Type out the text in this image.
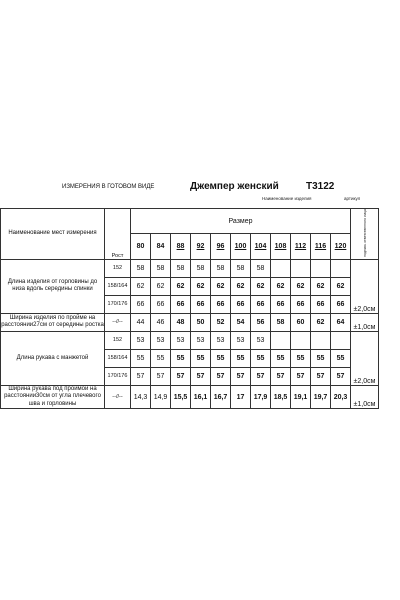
ИЗМЕРЕНИЯ В ГОТОВОМ ВИДЕ	Джемпер женский	Т3122
Наименование изделия	артикул
Наименование мест измерения	Рост	Размер											подпись ответственного лица
		80	84	88	92	96	100	104	108	112	116	120	
Длина изделия от горловины до низа вдоль середины спинки	152	58	58	58	58	58	58	58					±2,0см
	158/164	62	62	62	62	62	62	62	62	62	62	62	
	170/176	66	66	66	66	66	66	66	66	66	66	66	
Ширина изделия по пройме на расстоянии27см от середины ростка	--//--	44	46	48	50	52	54	56	58	60	62	64	±1,0см
Длина рукава с манжетой	152	53	53	53	53	53	53	53					±2,0см
	158/164	55	55	55	55	55	55	55	55	55	55	55	
	170/176	57	57	57	57	57	57	57	57	57	57	57	
Ширина рукава под проймой на расстоянии30см от угла плечевого шва и горловины	--//--	14,3	14,9	15,5	16,1	16,7	17	17,9	18,5	19,1	19,7	20,3	±1,0см
